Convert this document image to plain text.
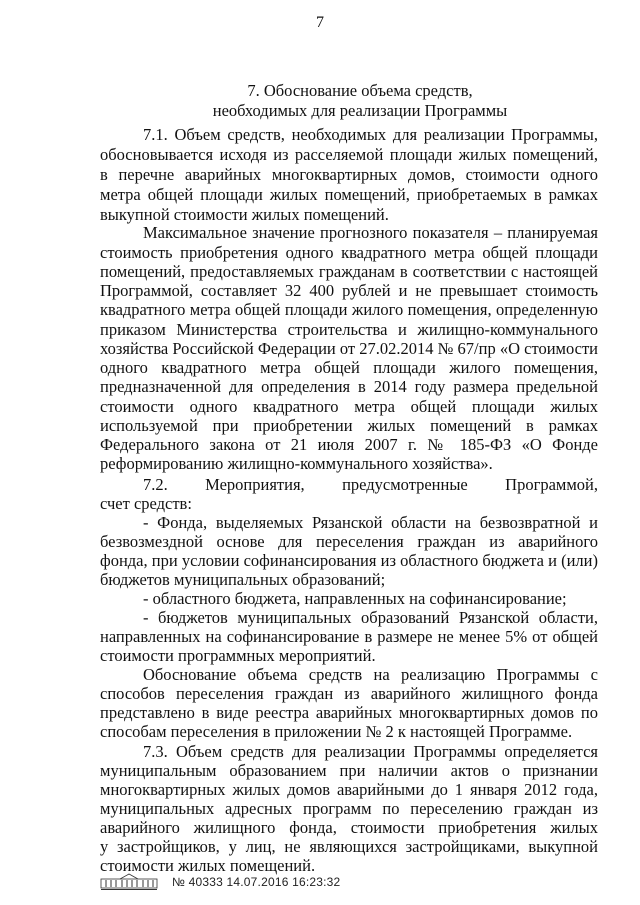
7
7. Обоснование объема средств,
необходимых для реализации Программы
7.1. Объем средств, необходимых для реализации Программы,
обосновывается исходя из расселяемой площади жилых помещений,
в перечне аварийных многоквартирных домов, стоимости одного
метра общей площади жилых помещений, приобретаемых в рамках
выкупной стоимости жилых помещений.
Максимальное значение прогнозного показателя – планируемая
стоимость приобретения одного квадратного метра общей площади
помещений, предоставляемых гражданам в соответствии с настоящей
Программой, составляет 32 400 рублей и не превышает стоимость
квадратного метра общей площади жилого помещения, определенную
приказом Министерства строительства и жилищно-коммунального
хозяйства Российской Федерации от 27.02.2014 № 67/пр «О стоимости
одного квадратного метра общей площади жилого помещения,
предназначенной для определения в 2014 году размера предельной
стоимости одного квадратного метра общей площади жилых
используемой при приобретении жилых помещений в рамках
Федерального закона от 21 июля 2007 г. № 185-ФЗ «О Фонде
реформированию жилищно-коммунального хозяйства».
7.2. Мероприятия, предусмотренные Программой,
счет средств:
- Фонда, выделяемых Рязанской области на безвозвратной и
безвозмездной основе для переселения граждан из аварийного
фонда, при условии софинансирования из областного бюджета и (или)
бюджетов муниципальных образований;
- областного бюджета, направленных на софинансирование;
- бюджетов муниципальных образований Рязанской области,
направленных на софинансирование в размере не менее 5% от общей
стоимости программных мероприятий.
Обоснование объема средств на реализацию Программы с
способов переселения граждан из аварийного жилищного фонда
представлено в виде реестра аварийных многоквартирных домов по
способам переселения в приложении № 2 к настоящей Программе.
7.3. Объем средств для реализации Программы определяется
муниципальным образованием при наличии актов о признании
многоквартирных жилых домов аварийными до 1 января 2012 года,
муниципальных адресных программ по переселению граждан из
аварийного жилищного фонда, стоимости приобретения жилых
у застройщиков, у лиц, не являющихся застройщиками, выкупной
стоимости жилых помещений.
№ 40333 14.07.2016 16:23:32
